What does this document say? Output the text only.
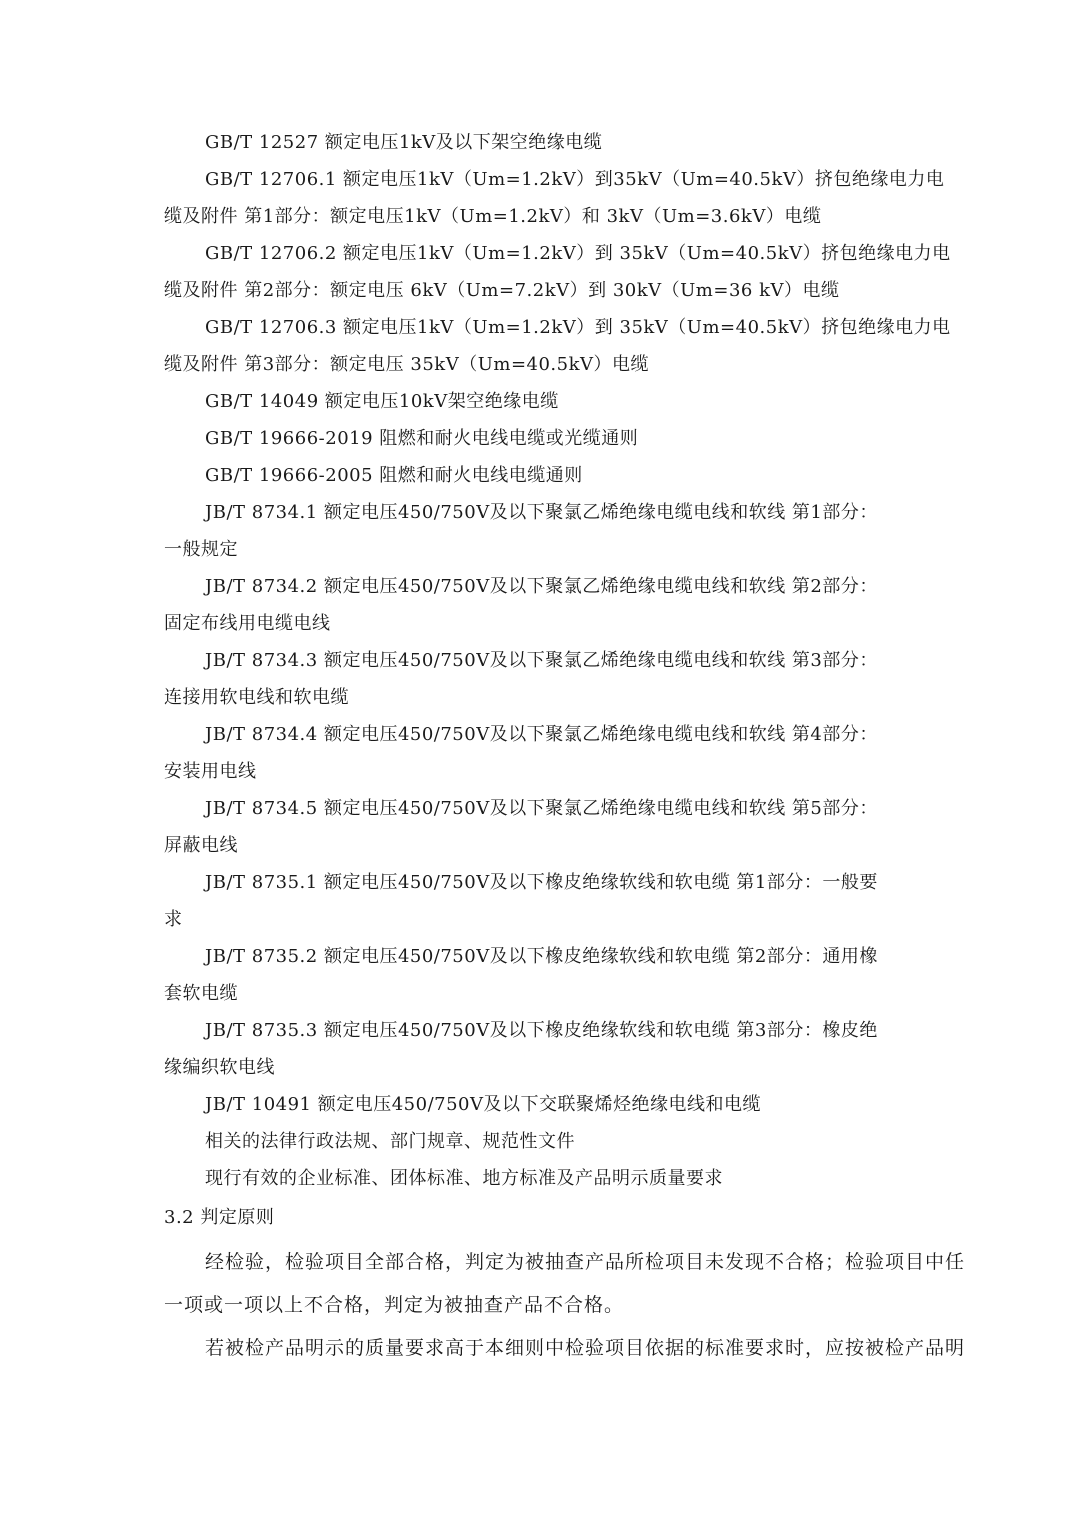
GB/T 12527 额定电压1kV及以下架空绝缘电缆
GB/T 12706.1 额定电压1kV（Um=1.2kV）到35kV（Um=40.5kV）挤包绝缘电力电
缆及附件 第1部分：额定电压1kV（Um=1.2kV）和 3kV（Um=3.6kV）电缆
GB/T 12706.2 额定电压1kV（Um=1.2kV）到 35kV（Um=40.5kV）挤包绝缘电力电
缆及附件 第2部分：额定电压 6kV（Um=7.2kV）到 30kV（Um=36 kV）电缆
GB/T 12706.3 额定电压1kV（Um=1.2kV）到 35kV（Um=40.5kV）挤包绝缘电力电
缆及附件 第3部分：额定电压 35kV（Um=40.5kV）电缆
GB/T 14049 额定电压10kV架空绝缘电缆
GB/T 19666-2019 阻燃和耐火电线电缆或光缆通则
GB/T 19666-2005 阻燃和耐火电线电缆通则
JB/T 8734.1 额定电压450/750V及以下聚氯乙烯绝缘电缆电线和软线 第1部分：
一般规定
JB/T 8734.2 额定电压450/750V及以下聚氯乙烯绝缘电缆电线和软线 第2部分：
固定布线用电缆电线
JB/T 8734.3 额定电压450/750V及以下聚氯乙烯绝缘电缆电线和软线 第3部分：
连接用软电线和软电缆
JB/T 8734.4 额定电压450/750V及以下聚氯乙烯绝缘电缆电线和软线 第4部分：
安装用电线
JB/T 8734.5 额定电压450/750V及以下聚氯乙烯绝缘电缆电线和软线 第5部分：
屏蔽电线
JB/T 8735.1 额定电压450/750V及以下橡皮绝缘软线和软电缆 第1部分：一般要
求
JB/T 8735.2 额定电压450/750V及以下橡皮绝缘软线和软电缆 第2部分：通用橡
套软电缆
JB/T 8735.3 额定电压450/750V及以下橡皮绝缘软线和软电缆 第3部分：橡皮绝
缘编织软电线
JB/T 10491 额定电压450/750V及以下交联聚烯烃绝缘电线和电缆
相关的法律行政法规、部门规章、规范性文件
现行有效的企业标准、团体标准、地方标准及产品明示质量要求
3.2 判定原则
经检验，检验项目全部合格，判定为被抽查产品所检项目未发现不合格；检验项目中任
一项或一项以上不合格，判定为被抽查产品不合格。
若被检产品明示的质量要求高于本细则中检验项目依据的标准要求时，应按被检产品明
